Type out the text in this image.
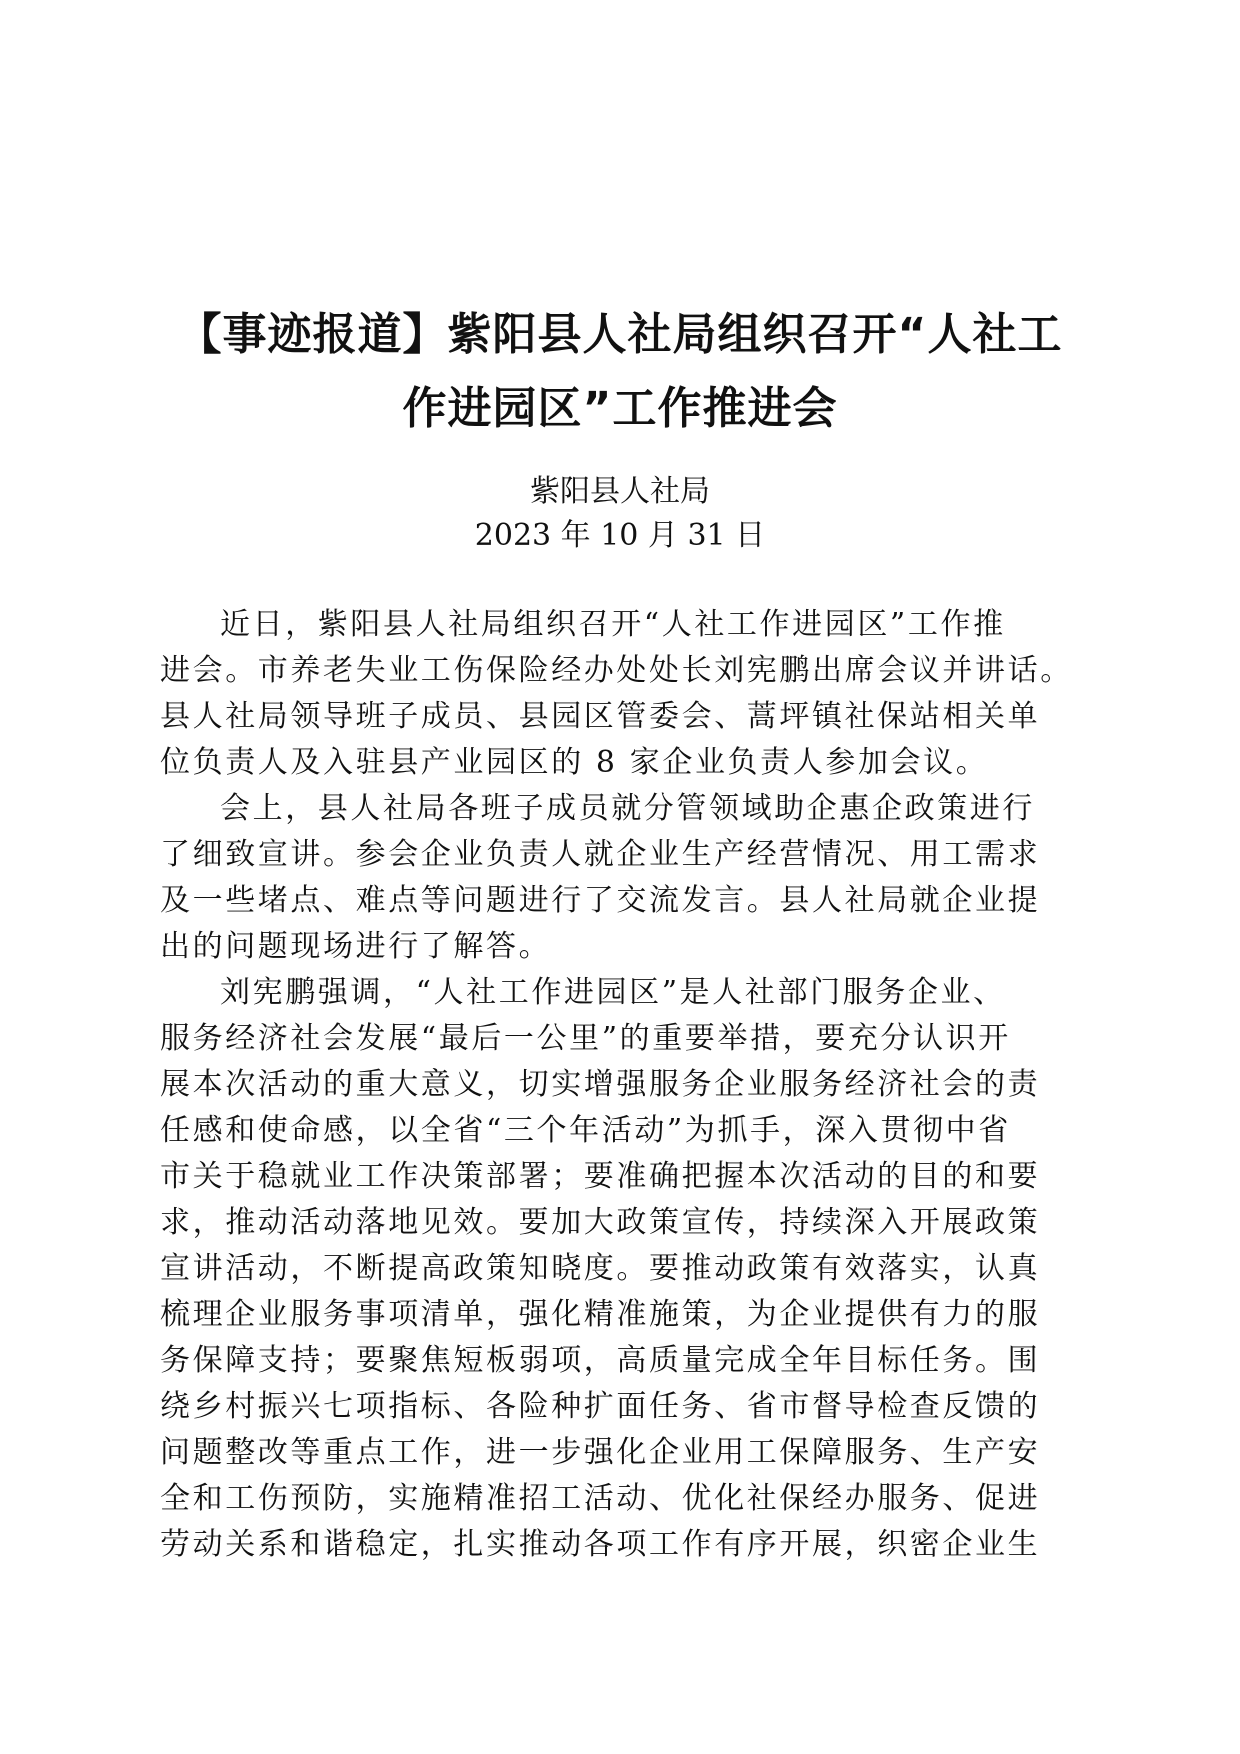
【事迹报道】紫阳县人社局组织召开“人社工
作进园区”工作推进会
紫阳县人社局
2023 年 10 月 31 日

近日，紫阳县人社局组织召开“人社工作进园区”工作推
进会。市养老失业工伤保险经办处处长刘宪鹏出席会议并讲话。
县人社局领导班子成员、县园区管委会、蒿坪镇社保站相关单
位负责人及入驻县产业园区的 8 家企业负责人参加会议。

会上，县人社局各班子成员就分管领域助企惠企政策进行
了细致宣讲。参会企业负责人就企业生产经营情况、用工需求
及一些堵点、难点等问题进行了交流发言。县人社局就企业提
出的问题现场进行了解答。

刘宪鹏强调，“人社工作进园区”是人社部门服务企业、
服务经济社会发展“最后一公里”的重要举措，要充分认识开
展本次活动的重大意义，切实增强服务企业服务经济社会的责
任感和使命感，以全省“三个年活动”为抓手，深入贯彻中省
市关于稳就业工作决策部署；要准确把握本次活动的目的和要
求，推动活动落地见效。要加大政策宣传，持续深入开展政策
宣讲活动，不断提高政策知晓度。要推动政策有效落实，认真
梳理企业服务事项清单，强化精准施策，为企业提供有力的服
务保障支持；要聚焦短板弱项，高质量完成全年目标任务。围
绕乡村振兴七项指标、各险种扩面任务、省市督导检查反馈的
问题整改等重点工作，进一步强化企业用工保障服务、生产安
全和工伤预防，实施精准招工活动、优化社保经办服务、促进
劳动关系和谐稳定，扎实推动各项工作有序开展，织密企业生
